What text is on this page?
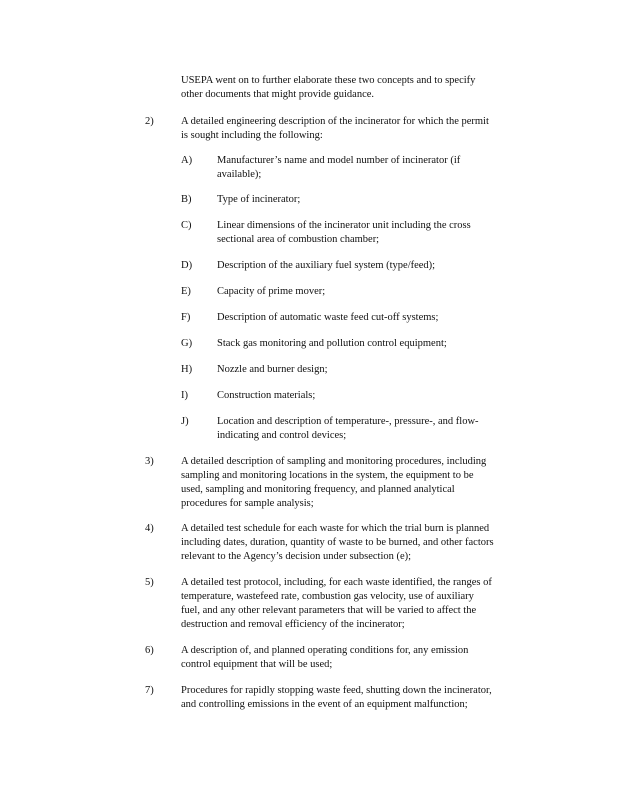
USEPA went on to further elaborate these two concepts and to specify
other documents that might provide guidance.
2)	A detailed engineering description of the incinerator for which the permit
is sought including the following:
A) Manufacturer’s name and model number of incinerator (if
available);
B) Type of incinerator;
C) Linear dimensions of the incinerator unit including the cross
sectional area of combustion chamber;
D) Description of the auxiliary fuel system (type/feed);
E) Capacity of prime mover;
F)	Description of automatic waste feed cut-off systems;
G) Stack gas monitoring and pollution control equipment;
H) Nozzle and burner design;
I)	Construction materials;
J)	Location and description of temperature-, pressure-, and flow-
indicating and control devices;
3)	A detailed description of sampling and monitoring procedures, including
sampling and monitoring locations in the system, the equipment to be
used, sampling and monitoring frequency, and planned analytical
procedures for sample analysis;
4)	A detailed test schedule for each waste for which the trial burn is planned
including dates, duration, quantity of waste to be burned, and other factors
relevant to the Agency’s decision under subsection (e);
5)	A detailed test protocol, including, for each waste identified, the ranges of
temperature, wastefeed rate, combustion gas velocity, use of auxiliary
fuel, and any other relevant parameters that will be varied to affect the
destruction and removal efficiency of the incinerator;
6)	A description of, and planned operating conditions for, any emission
control equipment that will be used;
7)	Procedures for rapidly stopping waste feed, shutting down the incinerator,
and controlling emissions in the event of an equipment malfunction;
